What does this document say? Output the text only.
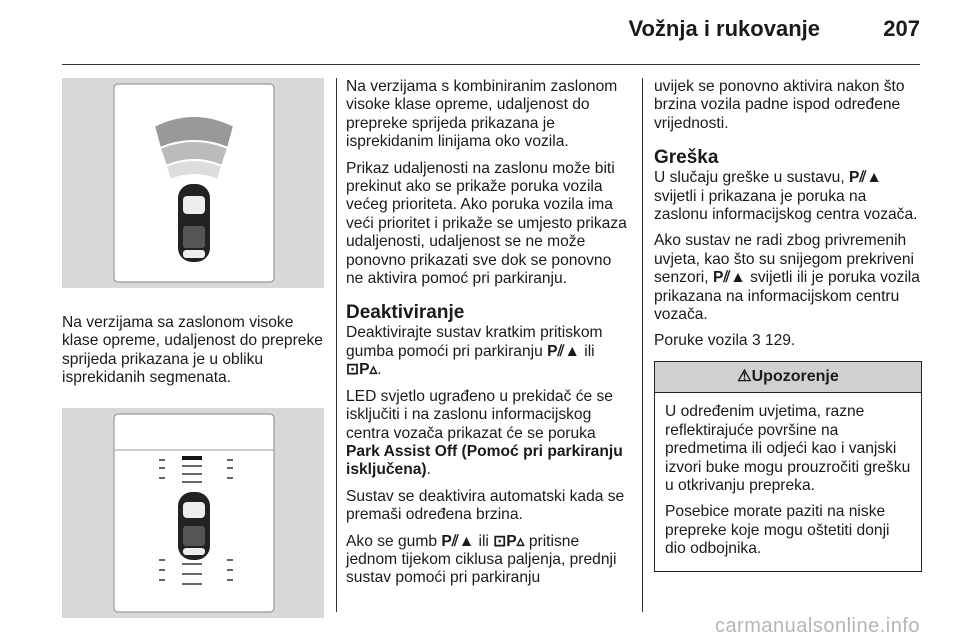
Vožnja i rukovanje	207

Na verzijama sa zaslonom visoke klase opreme, udaljenost do prepreke sprijeda prikazana je u obliku isprekidanih segmenata.

Na verzijama s kombiniranim zaslonom visoke klase opreme, udaljenost do prepreke sprijeda prikazana je isprekidanim linijama oko vozila.

Prikaz udaljenosti na zaslonu može biti prekinut ako se prikaže poruka vozila većeg prioriteta. Ako poruka vozila ima veći prioritet i prikaže se umjesto prikaza udaljenosti, udaljenost se ne može ponovno prikazati sve dok se ponovno ne aktivira pomoć pri parkiranju.

Deaktiviranje

Deaktivirajte sustav kratkim pritiskom gumba pomoći pri parkiranju P⫽▲ ili ⊡P▵.

LED svjetlo ugrađeno u prekidač će se isključiti i na zaslonu informacijskog centra vozača prikazat će se poruka Park Assist Off (Pomoć pri parkiranju isključena).

Sustav se deaktivira automatski kada se premaši određena brzina.

Ako se gumb P⫽▲ ili ⊡P▵ pritisne jednom tijekom ciklusa paljenja, prednji sustav pomoći pri parkiranju

uvijek se ponovno aktivira nakon što brzina vozila padne ispod određene vrijednosti.

Greška

U slučaju greške u sustavu, P⫽▲ svijetli i prikazana je poruka na zaslonu informacijskog centra vozača.

Ako sustav ne radi zbog privremenih uvjeta, kao što su snijegom prekriveni senzori, P⫽▲ svijetli ili je poruka vozila prikazana na informacijskom centru vozača.

Poruke vozila 3 129.

⚠Upozorenje

U određenim uvjetima, razne reflektirajuće površine na predmetima ili odjeći kao i vanjski izvori buke mogu prouzročiti grešku u otkrivanju prepreka.

Posebice morate paziti na niske prepreke koje mogu oštetiti donji dio odbojnika.

carmanualsonline.info
